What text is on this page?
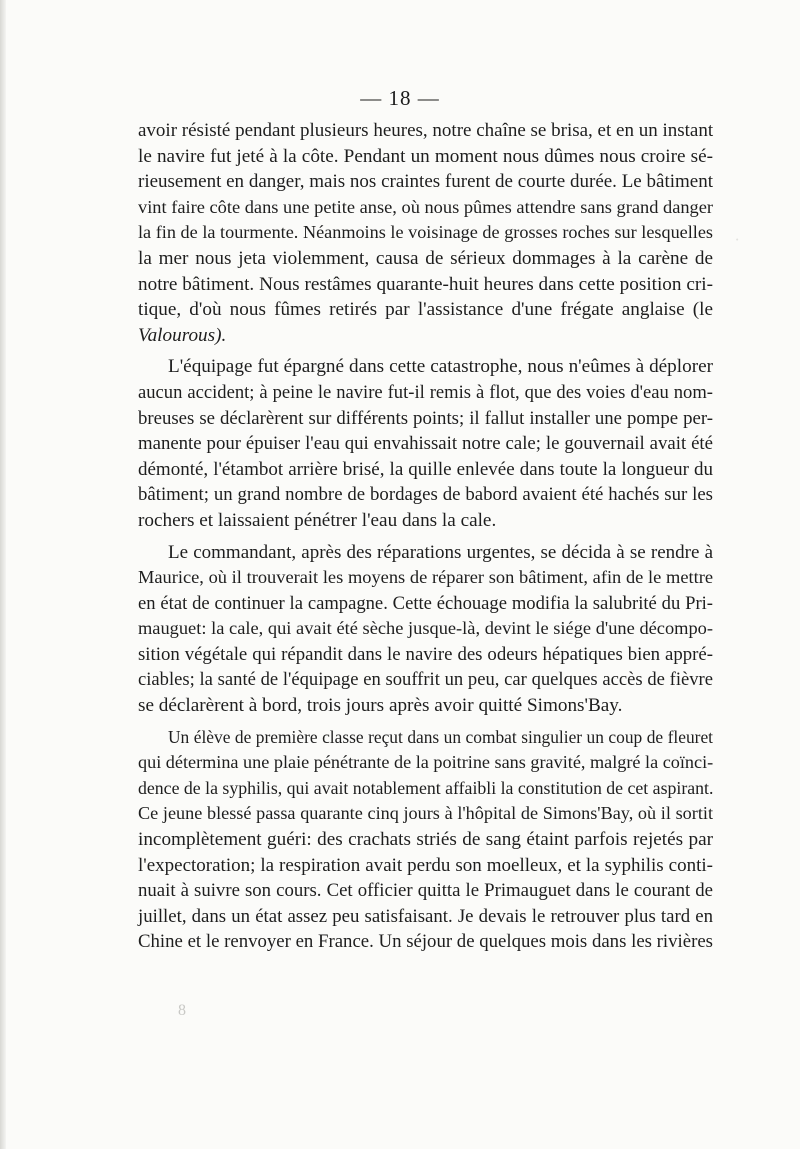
·
— 18 —
avoir résisté pendant plusieurs heures, notre chaîne se brisa, et en un instant
le navire fut jeté à la côte. Pendant un moment nous dûmes nous croire sé-
rieusement en danger, mais nos craintes furent de courte durée. Le bâtiment
vint faire côte dans une petite anse, où nous pûmes attendre sans grand danger
la fin de la tourmente. Néanmoins le voisinage de grosses roches sur lesquelles
la mer nous jeta violemment, causa de sérieux dommages à la carène de
notre bâtiment. Nous restâmes quarante-huit heures dans cette position cri-
tique, d'où nous fûmes retirés par l'assistance d'une frégate anglaise (le
Valourous).
L'équipage fut épargné dans cette catastrophe, nous n'eûmes à déplorer
aucun accident; à peine le navire fut-il remis à flot, que des voies d'eau nom-
breuses se déclarèrent sur différents points; il fallut installer une pompe per-
manente pour épuiser l'eau qui envahissait notre cale; le gouvernail avait été
démonté, l'étambot arrière brisé, la quille enlevée dans toute la longueur du
bâtiment; un grand nombre de bordages de babord avaient été hachés sur les
rochers et laissaient pénétrer l'eau dans la cale.
Le commandant, après des réparations urgentes, se décida à se rendre à
Maurice, où il trouverait les moyens de réparer son bâtiment, afin de le mettre
en état de continuer la campagne. Cette échouage modifia la salubrité du Pri-
mauguet: la cale, qui avait été sèche jusque-là, devint le siége d'une décompo-
sition végétale qui répandit dans le navire des odeurs hépatiques bien appré-
ciables; la santé de l'équipage en souffrit un peu, car quelques accès de fièvre
se déclarèrent à bord, trois jours après avoir quitté Simons'Bay.
Un élève de première classe reçut dans un combat singulier un coup de fleuret
qui détermina une plaie pénétrante de la poitrine sans gravité, malgré la coïnci-
dence de la syphilis, qui avait notablement affaibli la constitution de cet aspirant.
Ce jeune blessé passa quarante cinq jours à l'hôpital de Simons'Bay, où il sortit
incomplètement guéri: des crachats striés de sang étaint parfois rejetés par
l'expectoration; la respiration avait perdu son moelleux, et la syphilis conti-
nuait à suivre son cours. Cet officier quitta le Primauguet dans le courant de
juillet, dans un état assez peu satisfaisant. Je devais le retrouver plus tard en
Chine et le renvoyer en France. Un séjour de quelques mois dans les rivières
8
